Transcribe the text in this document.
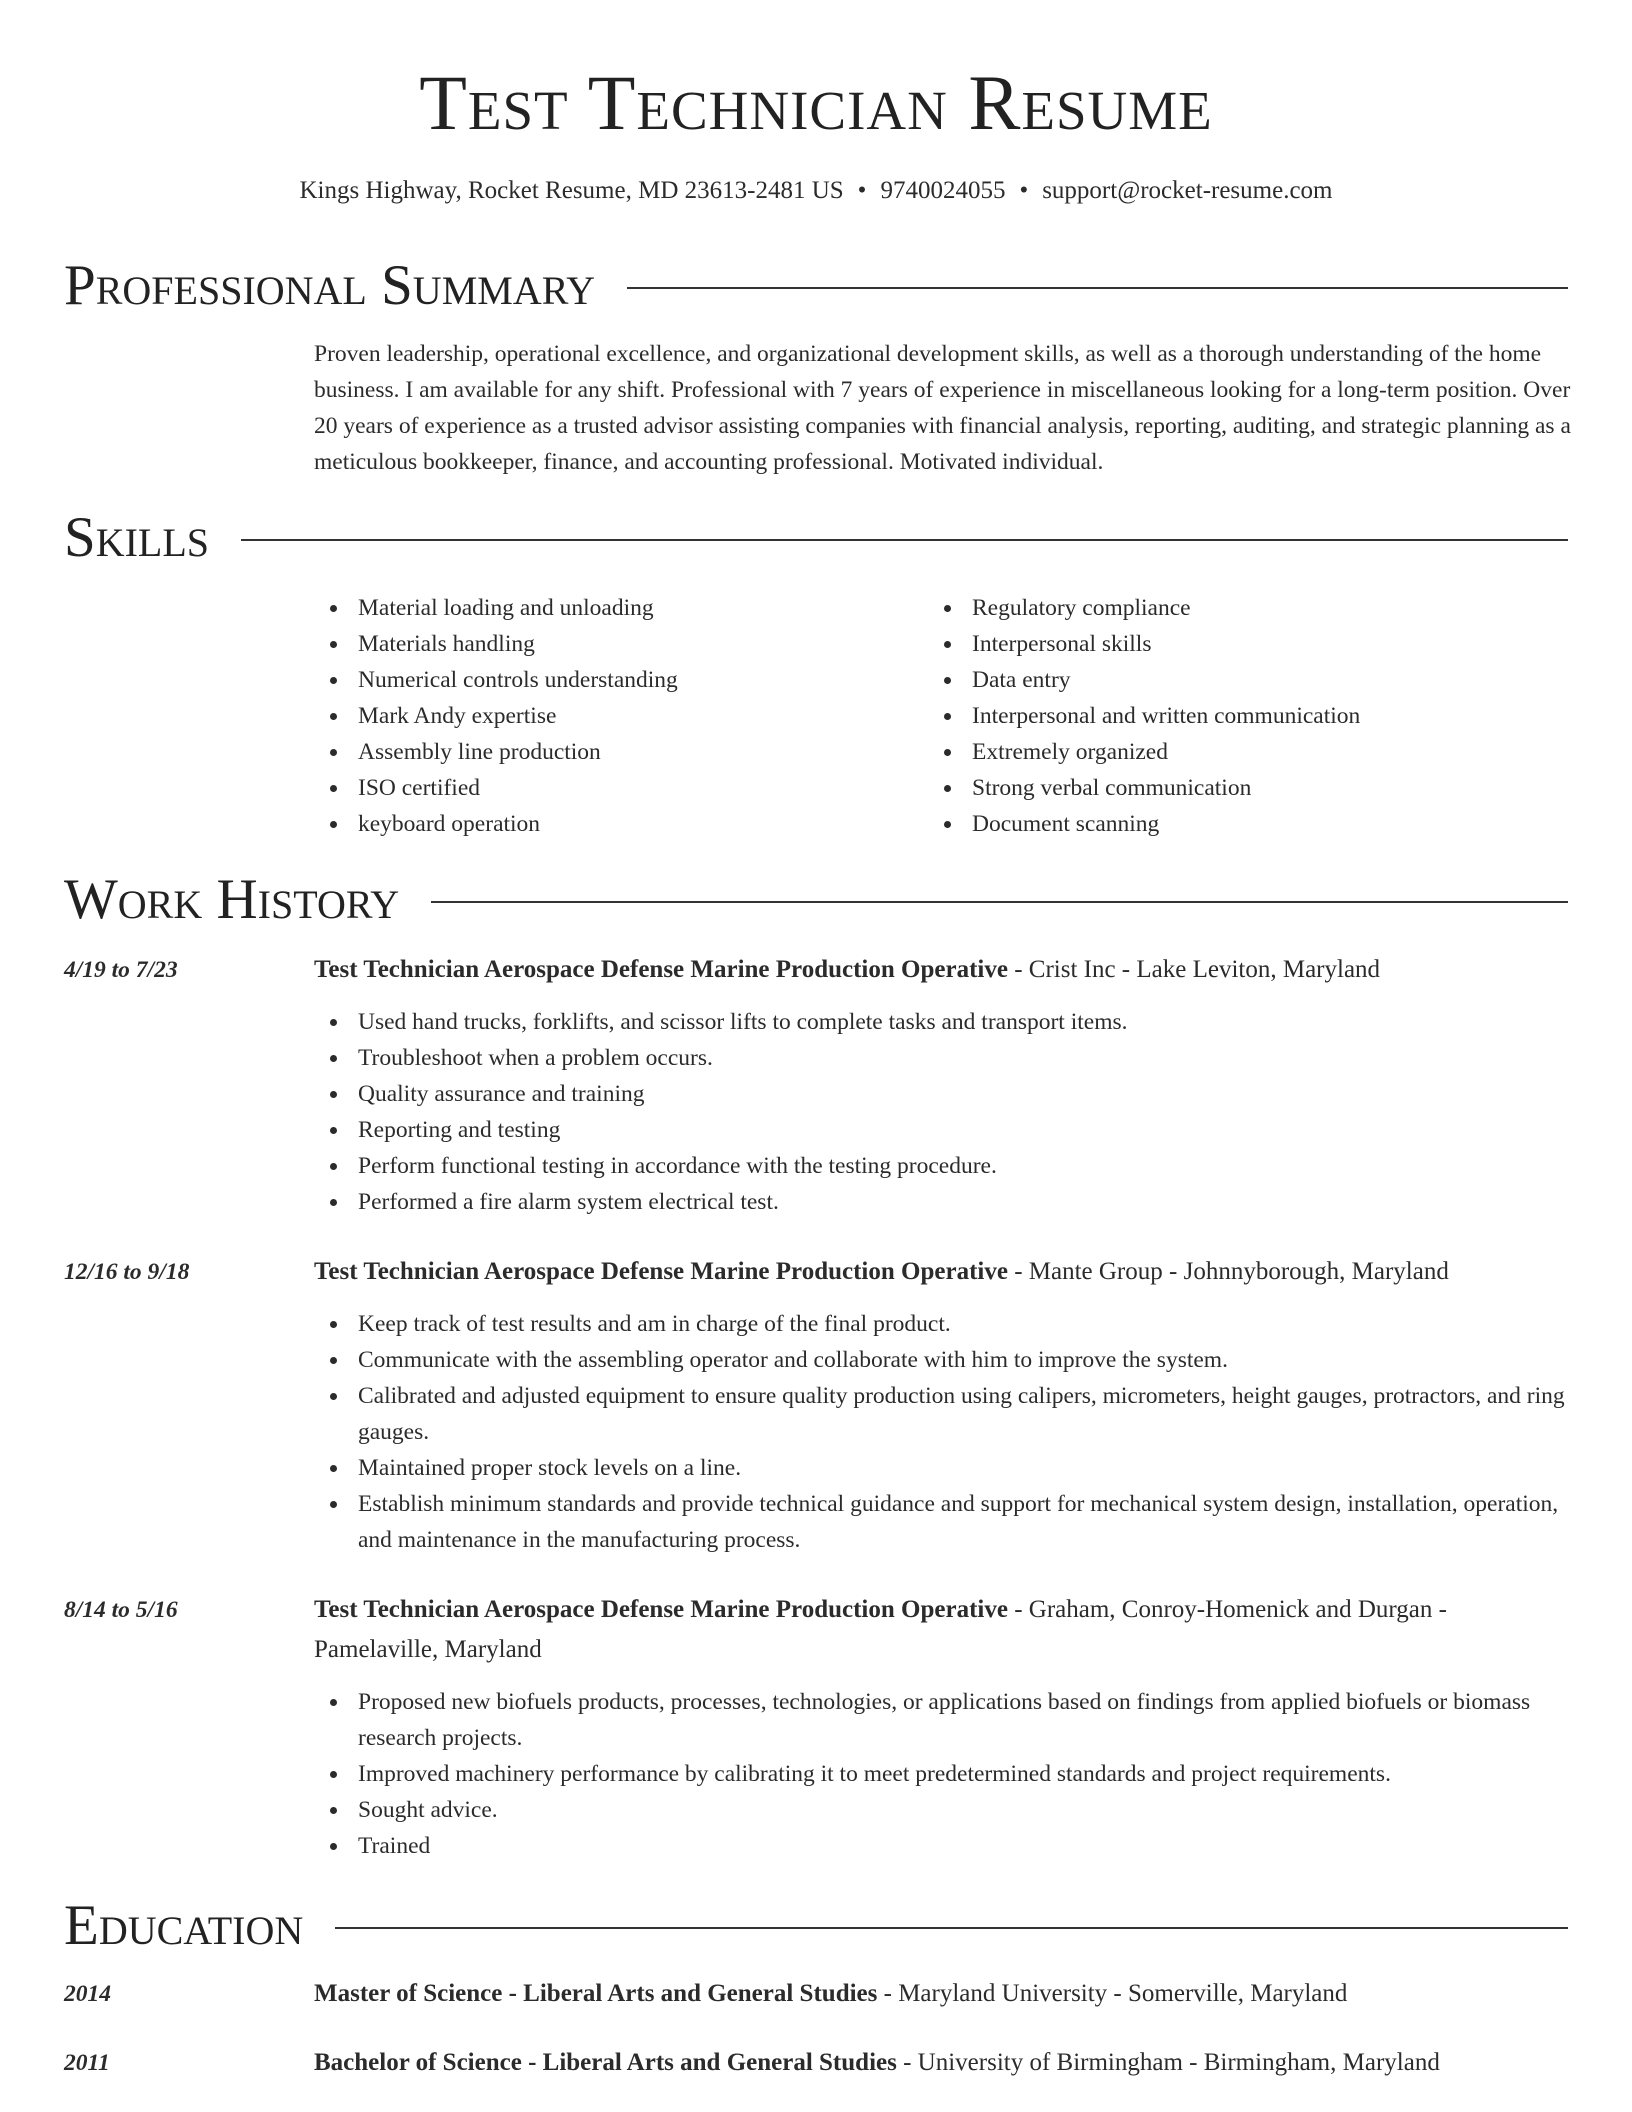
Test Technician Resume
Kings Highway, Rocket Resume, MD 23613-2481 US • 9740024055 • support@rocket-resume.com
Professional Summary

Proven leadership, operational excellence, and organizational development skills, as well as a thorough understanding of the home business. I am available for any shift. Professional with 7 years of experience in miscellaneous looking for a long-term position. Over 20 years of experience as a trusted advisor assisting companies with financial analysis, reporting, auditing, and strategic planning as a meticulous bookkeeper, finance, and accounting professional. Motivated individual.

Skills
Material loading and unloading
Materials handling
Numerical controls understanding
Mark Andy expertise
Assembly line production
ISO certified
keyboard operation
Regulatory compliance
Interpersonal skills
Data entry
Interpersonal and written communication
Extremely organized
Strong verbal communication
Document scanning
Work History
4/19 to 7/23	Test Technician Aerospace Defense Marine Production Operative - Crist Inc - Lake Leviton, Maryland
Used hand trucks, forklifts, and scissor lifts to complete tasks and transport items.
Troubleshoot when a problem occurs.
Quality assurance and training
Reporting and testing
Perform functional testing in accordance with the testing procedure.
Performed a fire alarm system electrical test.
12/16 to 9/18	Test Technician Aerospace Defense Marine Production Operative - Mante Group - Johnnyborough, Maryland
Keep track of test results and am in charge of the final product.
Communicate with the assembling operator and collaborate with him to improve the system.
Calibrated and adjusted equipment to ensure quality production using calipers, micrometers, height gauges, protractors, and ring gauges.
Maintained proper stock levels on a line.
Establish minimum standards and provide technical guidance and support for mechanical system design, installation, operation, and maintenance in the manufacturing process.
8/14 to 5/16	Test Technician Aerospace Defense Marine Production Operative - Graham, Conroy-Homenick and Durgan - Pamelaville, Maryland
Proposed new biofuels products, processes, technologies, or applications based on findings from applied biofuels or biomass research projects.
Improved machinery performance by calibrating it to meet predetermined standards and project requirements.
Sought advice.
Trained
Education
2014	Master of Science - Liberal Arts and General Studies - Maryland University - Somerville, Maryland
2011	Bachelor of Science - Liberal Arts and General Studies - University of Birmingham - Birmingham, Maryland
